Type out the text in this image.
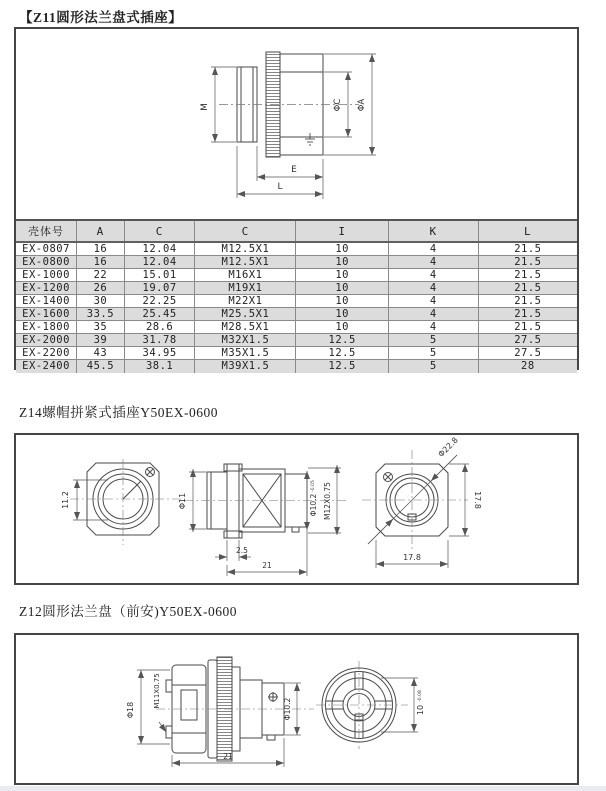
【Z11圆形法兰盘式插座】
M	ΦC ΦA
E
L
壳体号	A	C	C	I	K	L
EX-0807	16	12.04	M12.5X1	10	4	21.5
EX-0800	16	12.04	M12.5X1	10	4	21.5
EX-1000	22	15.01	M16X1	10	4	21.5
EX-1200	26	19.07	M19X1	10	4	21.5
EX-1400	30	22.25	M22X1	10	4	21.5
EX-1600	33.5	25.45	M25.5X1	10	4	21.5
EX-1800	35	28.6	M28.5X1	10	4	21.5
EX-2000	39	31.78	M32X1.5	12.5	5	27.5
EX-2200	43	34.95	M35X1.5	12.5	5	27.5
EX-2400	45.5	38.1	M39X1.5	12.5	5	28
Z14螺帽拼紧式插座Y50EX-0600
11.2	Φ11	Φ10.2
-0.05 M12X0.75
2.5
21
Φ22.8
17.8
17.8
Z12圆形法兰盘（前安)Y50EX-0600
Φ18
M11X0.75
Φ10.2
21
10
-0.08
